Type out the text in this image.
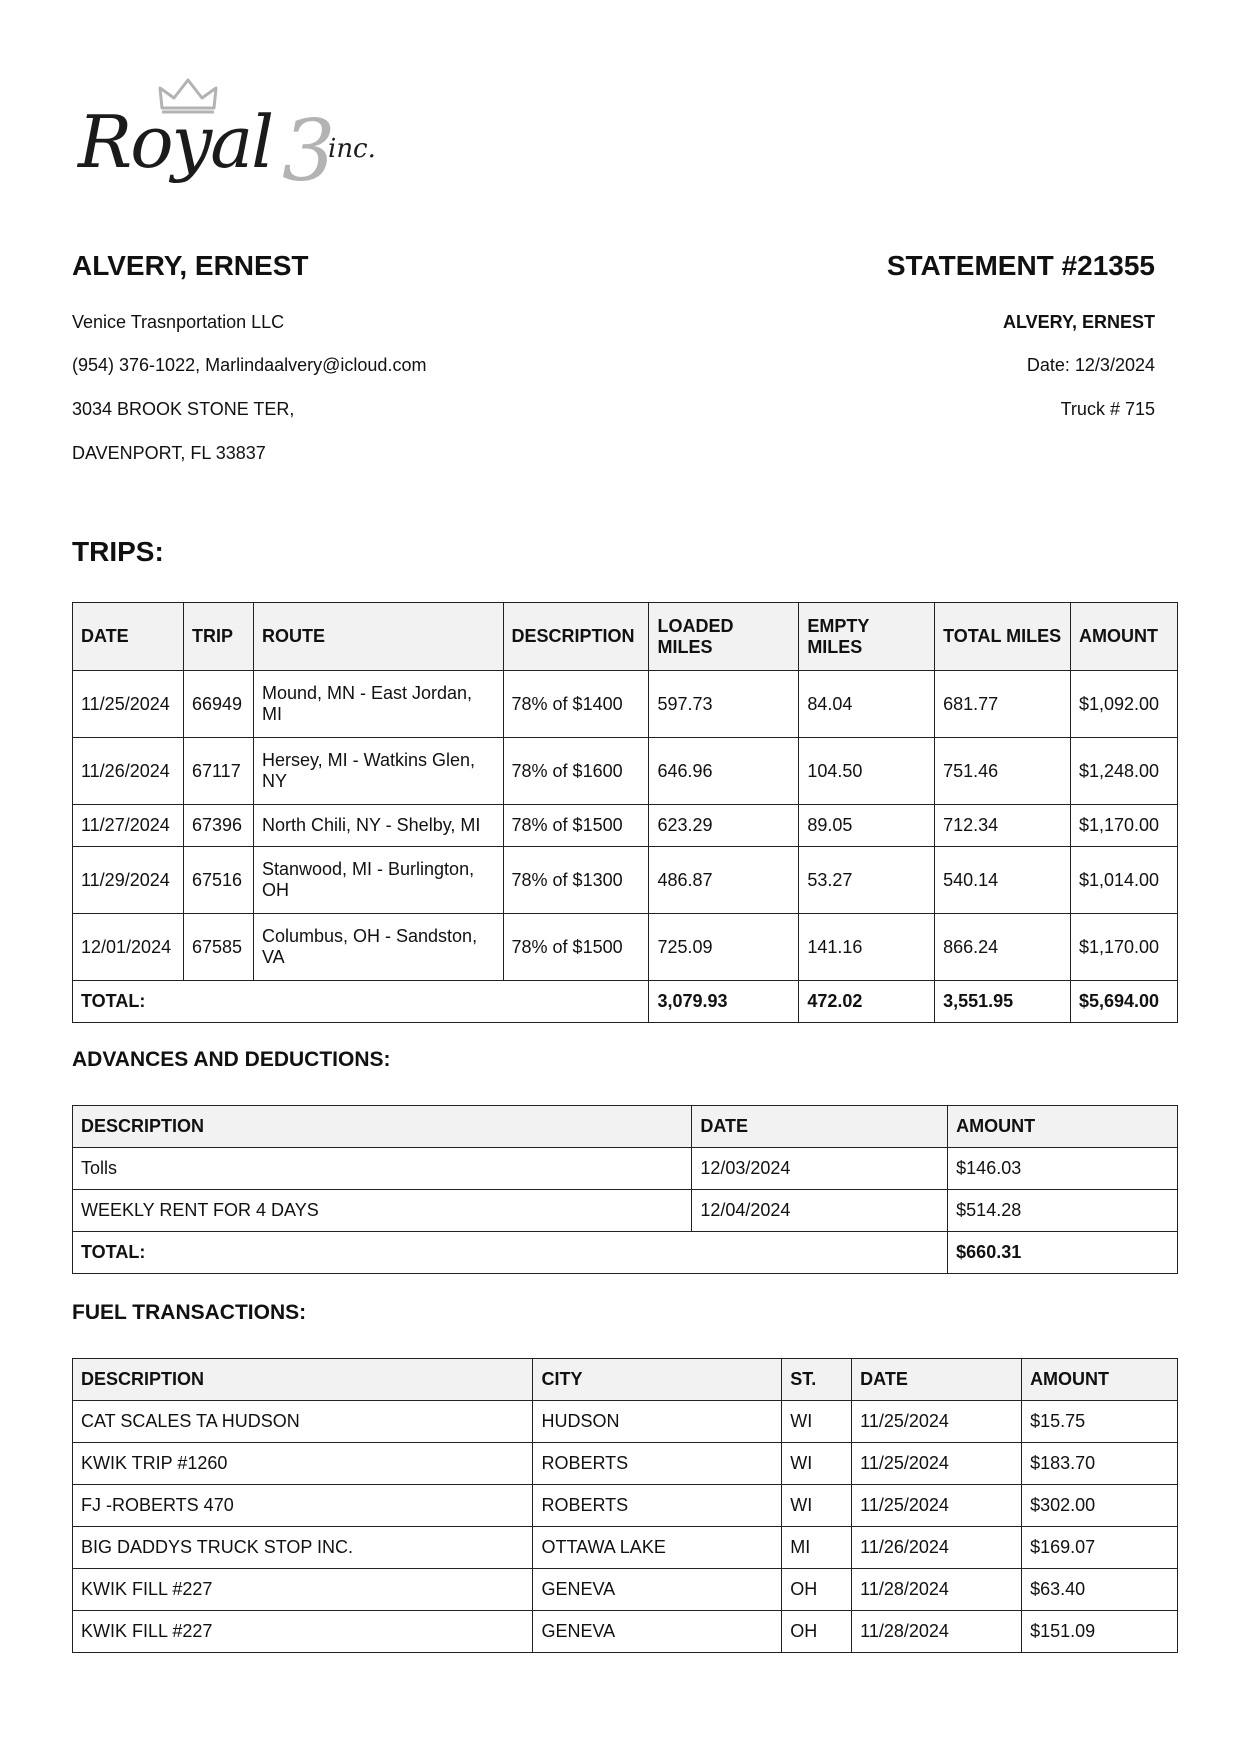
Royal 3
inc.
ALVERY, ERNEST	STATEMENT #21355
Venice Trasnportation LLC
(954) 376-1022, Marlindaalvery@icloud.com
3034 BROOK STONE TER,
DAVENPORT, FL 33837
ALVERY, ERNEST
Date: 12/3/2024
Truck # 715
TRIPS:
DATE	TRIP	ROUTE	DESCRIPTION	LOADED MILES	EMPTY MILES	TOTAL MILES	AMOUNT
11/25/2024	66949	Mound, MN - East Jordan, MI	78% of $1400	597.73	84.04	681.77	$1,092.00
11/26/2024	67117	Hersey, MI - Watkins Glen, NY	78% of $1600	646.96	104.50	751.46	$1,248.00
11/27/2024	67396	North Chili, NY - Shelby, MI	78% of $1500	623.29	89.05	712.34	$1,170.00
11/29/2024	67516	Stanwood, MI - Burlington, OH	78% of $1300	486.87	53.27	540.14	$1,014.00
12/01/2024	67585	Columbus, OH - Sandston, VA	78% of $1500	725.09	141.16	866.24	$1,170.00
TOTAL:				3,079.93	472.02	3,551.95	$5,694.00
ADVANCES AND DEDUCTIONS:
DESCRIPTION	DATE	AMOUNT
Tolls	12/03/2024	$146.03
WEEKLY RENT FOR 4 DAYS	12/04/2024	$514.28
TOTAL:		$660.31
FUEL TRANSACTIONS:
DESCRIPTION	CITY	ST.	DATE	AMOUNT
CAT SCALES TA HUDSON	HUDSON	WI	11/25/2024	$15.75
KWIK TRIP #1260	ROBERTS	WI	11/25/2024	$183.70
FJ -ROBERTS 470	ROBERTS	WI	11/25/2024	$302.00
BIG DADDYS TRUCK STOP INC.	OTTAWA LAKE	MI	11/26/2024	$169.07
KWIK FILL #227	GENEVA	OH	11/28/2024	$63.40
KWIK FILL #227	GENEVA	OH	11/28/2024	$151.09
